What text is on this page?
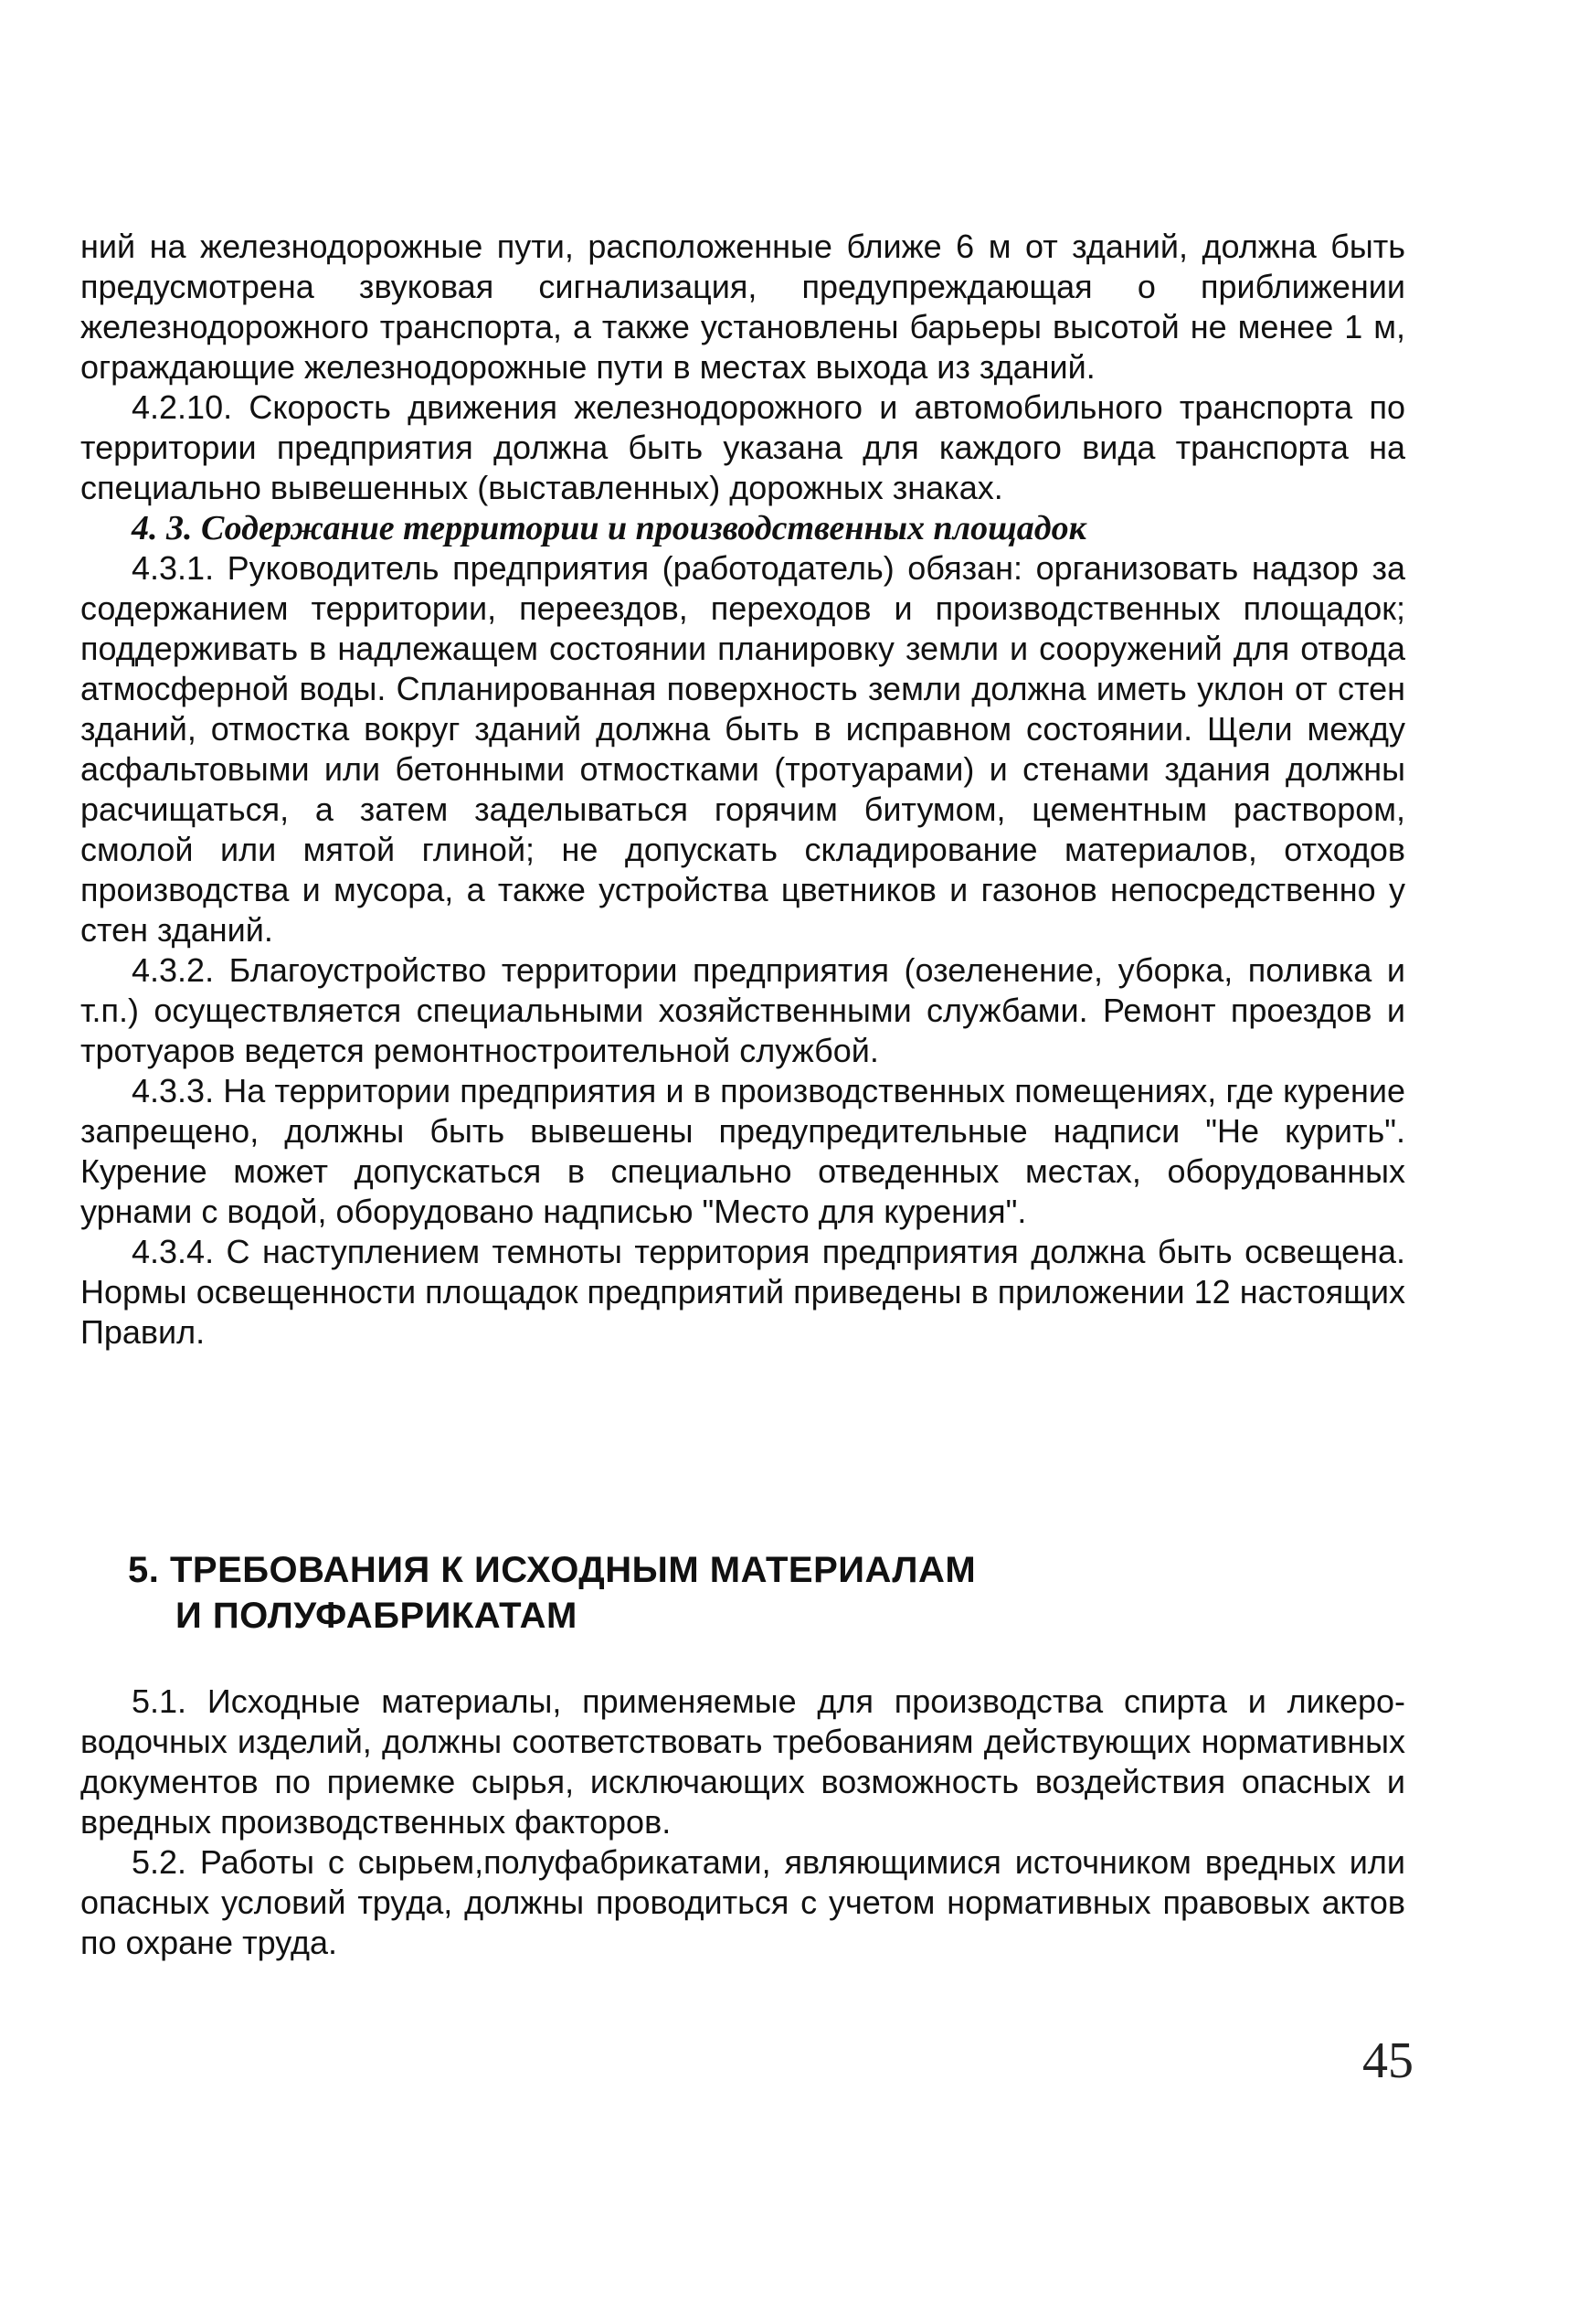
ний на железнодорожные пути, расположенные ближе 6 м от зданий, должна быть предусмотрена звуковая сигнализация, предупреждающая о приближении железнодорожного транспорта, а также установлены барьеры высотой не менее 1 м, ограждающие железнодорожные пути в местах выхода из зданий.

4.2.10. Скорость движения железнодорожного и автомобильного транспорта по территории предприятия должна быть указана для каждого вида транспорта на специально вывешенных (выставленных) дорожных знаках.

4. 3. Содержание территории и производственных площадок

4.3.1. Руководитель предприятия (работодатель) обязан: организовать надзор за содержанием территории, переездов, переходов и производственных площадок; поддерживать в надлежащем состоянии планировку земли и сооружений для отвода атмосферной воды. Спланированная поверхность земли должна иметь уклон от стен зданий, отмостка вокруг зданий должна быть в исправном состоянии. Щели между асфальтовыми или бетонными отмостками (тротуарами) и стенами здания должны расчищаться, а затем заделываться горячим битумом, цементным раствором, смолой или мятой глиной; не допускать складирование материалов, отходов производства и мусора, а также устройства цветников и газонов непосредственно у стен зданий.

4.3.2. Благоустройство территории предприятия (озеленение, уборка, поливка и т.п.) осуществляется специальными хозяйственными службами. Ремонт проездов и тротуаров ведется ремонтностроительной службой.

4.3.3. На территории предприятия и в производственных помещениях, где курение запрещено, должны быть вывешены предупредительные надписи "Не курить". Курение может допускаться в специально отведенных местах, оборудованных урнами с водой, оборудовано надписью "Место для курения".

4.3.4. С наступлением темноты территория предприятия должна быть освещена. Нормы освещенности площадок предприятий приведены в приложении 12 настоящих Правил.

5. ТРЕБОВАНИЯ К ИСХОДНЫМ МАТЕРИАЛАМ
И ПОЛУФАБРИКАТАМ

5.1. Исходные материалы, применяемые для производства спирта и ликеро-водочных изделий, должны соответствовать требованиям действующих нормативных документов по приемке сырья, исключающих возможность воздействия опасных и вредных производственных факторов.

5.2. Работы с сырьем,полуфабрикатами, являющимися источником вредных или опасных условий труда, должны проводиться с учетом нормативных правовых актов по охране труда.

45
